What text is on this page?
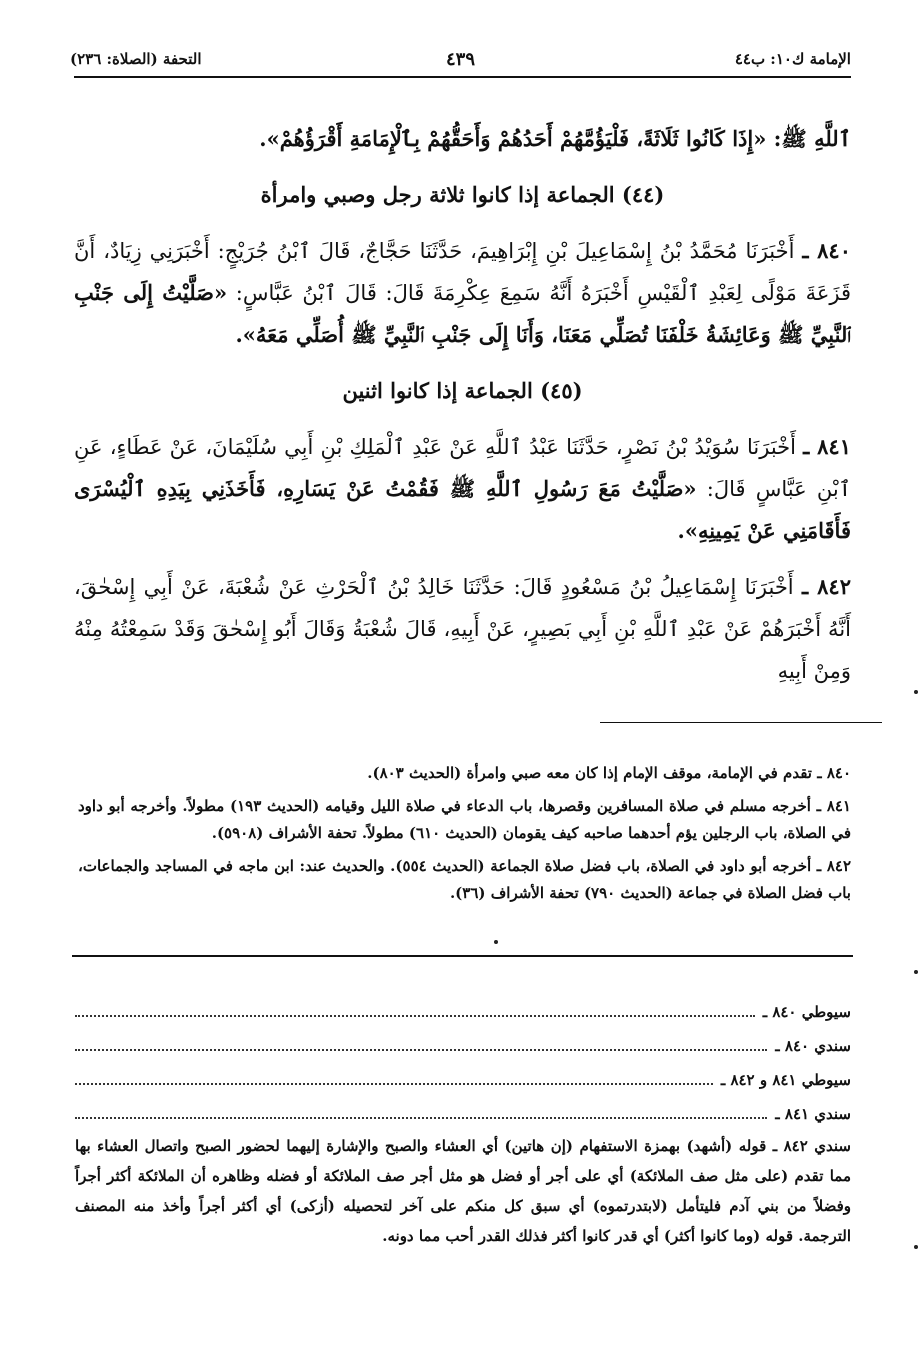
التحفة (الصلاة: ٢٣٦)	٤٣٩	الإمامة ك١٠: ب٤٤

ٱللَّهِ ﷺ: «إِذَا كَانُوا ثَلَاثَةً، فَلْيَؤُمَّهُمْ أَحَدُهُمْ وَأَحَقُّهُمْ بِٱلْإِمَامَةِ أَقْرَؤُهُمْ».

(٤٤) الجماعة إذا كانوا ثلاثة رجل وصبي وامرأة

٨٤٠ ـ أَخْبَرَنَا مُحَمَّدُ بْنُ إِسْمَاعِيلَ بْنِ إِبْرَاهِيمَ، حَدَّثَنَا حَجَّاجٌ، قَالَ ٱبْنُ جُرَيْجٍ: أَخْبَرَنِي زِيَادٌ، أَنَّ قَزَعَةَ مَوْلًى لِعَبْدِ ٱلْقَيْسِ أَخْبَرَهُ أَنَّهُ سَمِعَ عِكْرِمَةَ قَالَ: قَالَ ٱبْنُ عَبَّاسٍ: «صَلَّيْتُ إِلَى جَنْبِ ٱلنَّبِيِّ ﷺ وَعَائِشَةُ خَلْفَنَا تُصَلِّي مَعَنَا، وَأَنَا إِلَى جَنْبِ ٱلنَّبِيِّ ﷺ أُصَلِّي مَعَهُ».

(٤٥) الجماعة إذا كانوا اثنين

٨٤١ ـ أَخْبَرَنَا سُوَيْدُ بْنُ نَصْرٍ، حَدَّثَنَا عَبْدُ ٱللَّهِ عَنْ عَبْدِ ٱلْمَلِكِ بْنِ أَبِي سُلَيْمَانَ، عَنْ عَطَاءٍ، عَنِ ٱبْنِ عَبَّاسٍ قَالَ: «صَلَّيْتُ مَعَ رَسُولِ ٱللَّهِ ﷺ فَقُمْتُ عَنْ يَسَارِهِ، فَأَخَذَنِي بِيَدِهِ ٱلْيُسْرَى فَأَقَامَنِي عَنْ يَمِينِهِ».

٨٤٢ ـ أَخْبَرَنَا إِسْمَاعِيلُ بْنُ مَسْعُودٍ قَالَ: حَدَّثَنَا خَالِدُ بْنُ ٱلْحَرْثِ عَنْ شُعْبَةَ، عَنْ أَبِي إِسْحٰقَ، أَنَّهُ أَخْبَرَهُمْ عَنْ عَبْدِ ٱللَّهِ بْنِ أَبِي بَصِيرٍ، عَنْ أَبِيهِ، قَالَ شُعْبَةُ وَقَالَ أَبُو إِسْحٰقَ وَقَدْ سَمِعْتُهُ مِنْهُ وَمِنْ أَبِيهِ

٨٤٠ ـ تقدم في الإمامة، موقف الإمام إذا كان معه صبي وامرأة (الحديث ٨٠٣).

٨٤١ ـ أخرجه مسلم في صلاة المسافرين وقصرها، باب الدعاء في صلاة الليل وقيامه (الحديث ١٩٣) مطولاً. وأخرجه أبو داود في الصلاة، باب الرجلين يؤم أحدهما صاحبه كيف يقومان (الحديث ٦١٠) مطولاً. تحفة الأشراف (٥٩٠٨).

٨٤٢ ـ أخرجه أبو داود في الصلاة، باب فضل صلاة الجماعة (الحديث ٥٥٤). والحديث عند: ابن ماجه في المساجد والجماعات، باب فضل الصلاة في جماعة (الحديث ٧٩٠) تحفة الأشراف (٣٦).

سيوطي ٨٤٠ ـ
سندي ٨٤٠ ـ
سيوطي ٨٤١ و ٨٤٢ ـ
سندي ٨٤١ ـ
سندي ٨٤٢ ـ قوله (أشهد) بهمزة الاستفهام (إن هاتين) أي العشاء والصبح والإشارة إليهما لحضور الصبح واتصال العشاء بها مما تقدم (على مثل صف الملائكة) أي على أجر أو فضل هو مثل أجر صف الملائكة أو فضله وظاهره أن الملائكة أكثر أجراً وفضلاً من بني آدم فليتأمل (لابتدرتموه) أي سبق كل منكم على آخر لتحصيله (أزكى) أي أكثر أجراً وأخذ منه المصنف الترجمة. قوله (وما كانوا أكثر) أي قدر كانوا أكثر فذلك القدر أحب مما دونه.
